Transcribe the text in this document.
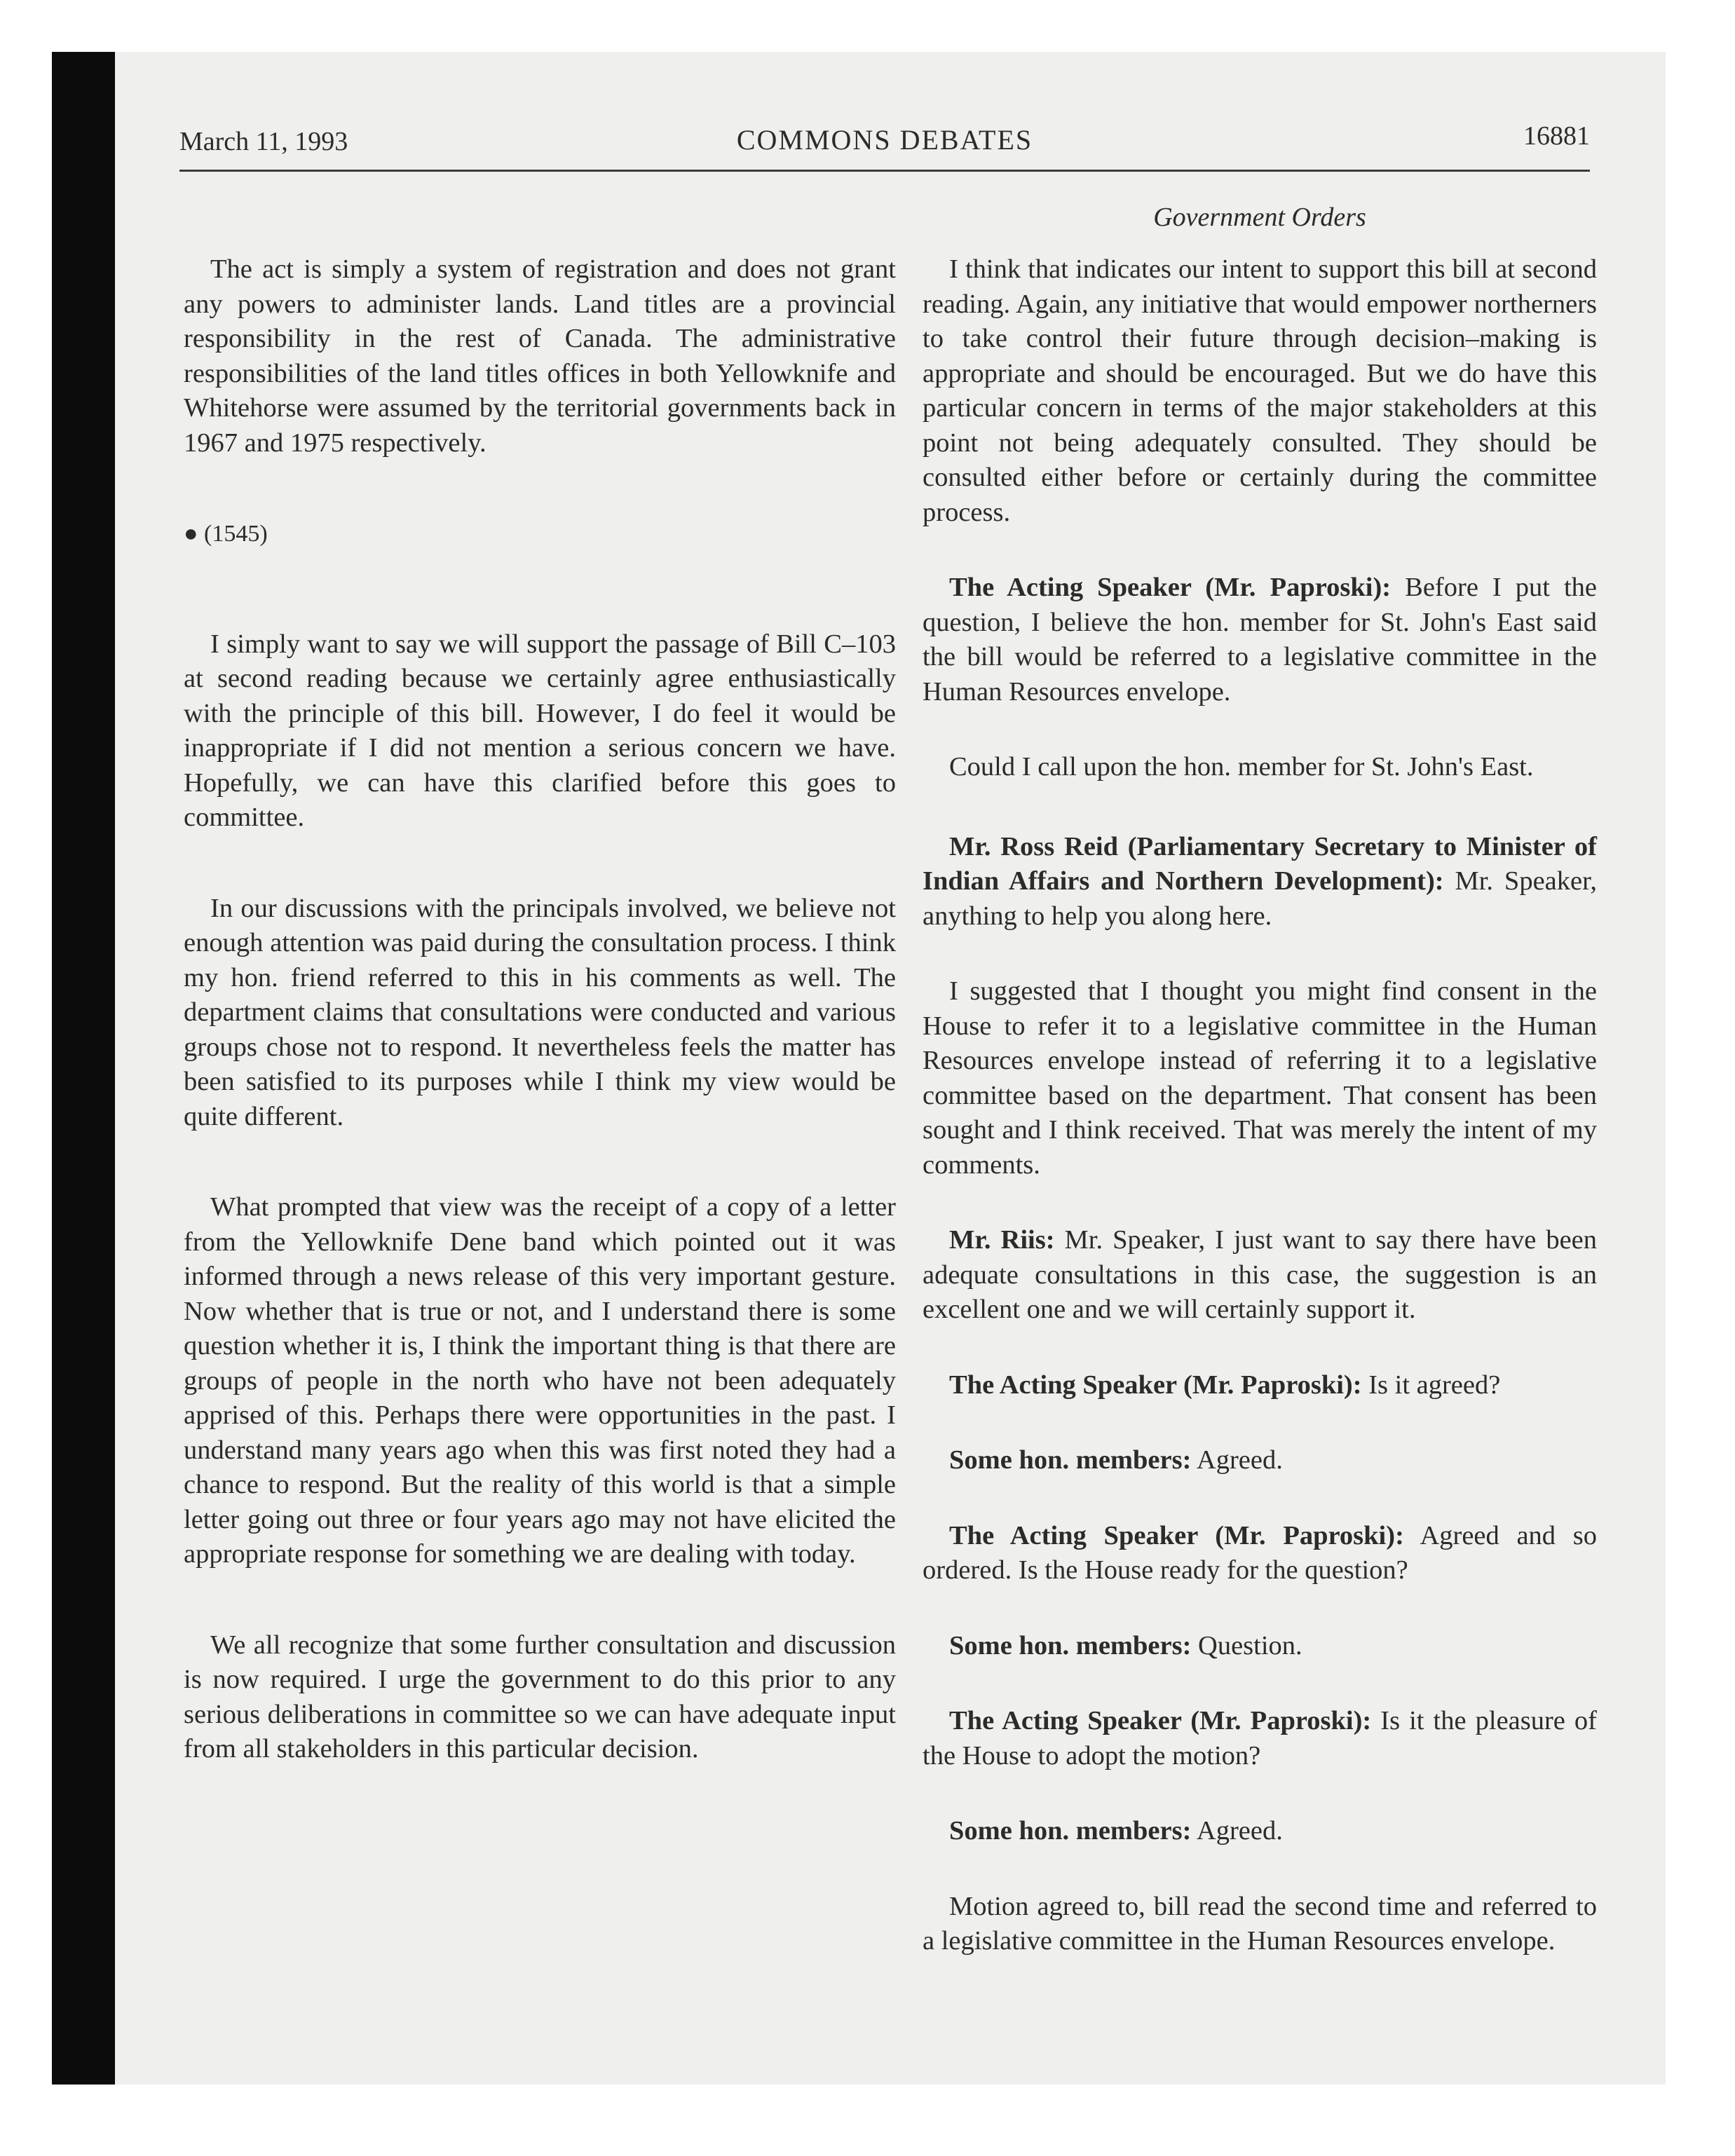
March 11, 1993	COMMONS DEBATES	16881
Government Orders

The act is simply a system of registration and does not grant any powers to administer lands. Land titles are a provincial responsibility in the rest of Canada. The administrative responsibilities of the land titles offices in both Yellowknife and Whitehorse were assumed by the territorial governments back in 1967 and 1975 respectively.

● (1545)

I simply want to say we will support the passage of Bill C–103 at second reading because we certainly agree enthusiastically with the principle of this bill. However, I do feel it would be inappropriate if I did not mention a serious concern we have. Hopefully, we can have this clarified before this goes to committee.

In our discussions with the principals involved, we believe not enough attention was paid during the consultation process. I think my hon. friend referred to this in his comments as well. The department claims that consultations were conducted and various groups chose not to respond. It nevertheless feels the matter has been satisfied to its purposes while I think my view would be quite different.

What prompted that view was the receipt of a copy of a letter from the Yellowknife Dene band which pointed out it was informed through a news release of this very important gesture. Now whether that is true or not, and I understand there is some question whether it is, I think the important thing is that there are groups of people in the north who have not been adequately apprised of this. Perhaps there were opportunities in the past. I understand many years ago when this was first noted they had a chance to respond. But the reality of this world is that a simple letter going out three or four years ago may not have elicited the appropriate response for something we are dealing with today.

We all recognize that some further consultation and discussion is now required. I urge the government to do this prior to any serious deliberations in committee so we can have adequate input from all stakeholders in this particular decision.

I think that indicates our intent to support this bill at second reading. Again, any initiative that would empower northerners to take control their future through decision–making is appropriate and should be encouraged. But we do have this particular concern in terms of the major stakeholders at this point not being adequately consulted. They should be consulted either before or certainly during the committee process.

The Acting Speaker (Mr. Paproski): Before I put the question, I believe the hon. member for St. John's East said the bill would be referred to a legislative committee in the Human Resources envelope.

Could I call upon the hon. member for St. John's East.

Mr. Ross Reid (Parliamentary Secretary to Minister of Indian Affairs and Northern Development): Mr. Speaker, anything to help you along here.

I suggested that I thought you might find consent in the House to refer it to a legislative committee in the Human Resources envelope instead of referring it to a legislative committee based on the department. That consent has been sought and I think received. That was merely the intent of my comments.

Mr. Riis: Mr. Speaker, I just want to say there have been adequate consultations in this case, the suggestion is an excellent one and we will certainly support it.

The Acting Speaker (Mr. Paproski): Is it agreed?

Some hon. members: Agreed.

The Acting Speaker (Mr. Paproski): Agreed and so ordered. Is the House ready for the question?

Some hon. members: Question.

The Acting Speaker (Mr. Paproski): Is it the pleasure of the House to adopt the motion?

Some hon. members: Agreed.

Motion agreed to, bill read the second time and referred to a legislative committee in the Human Resources envelope.
